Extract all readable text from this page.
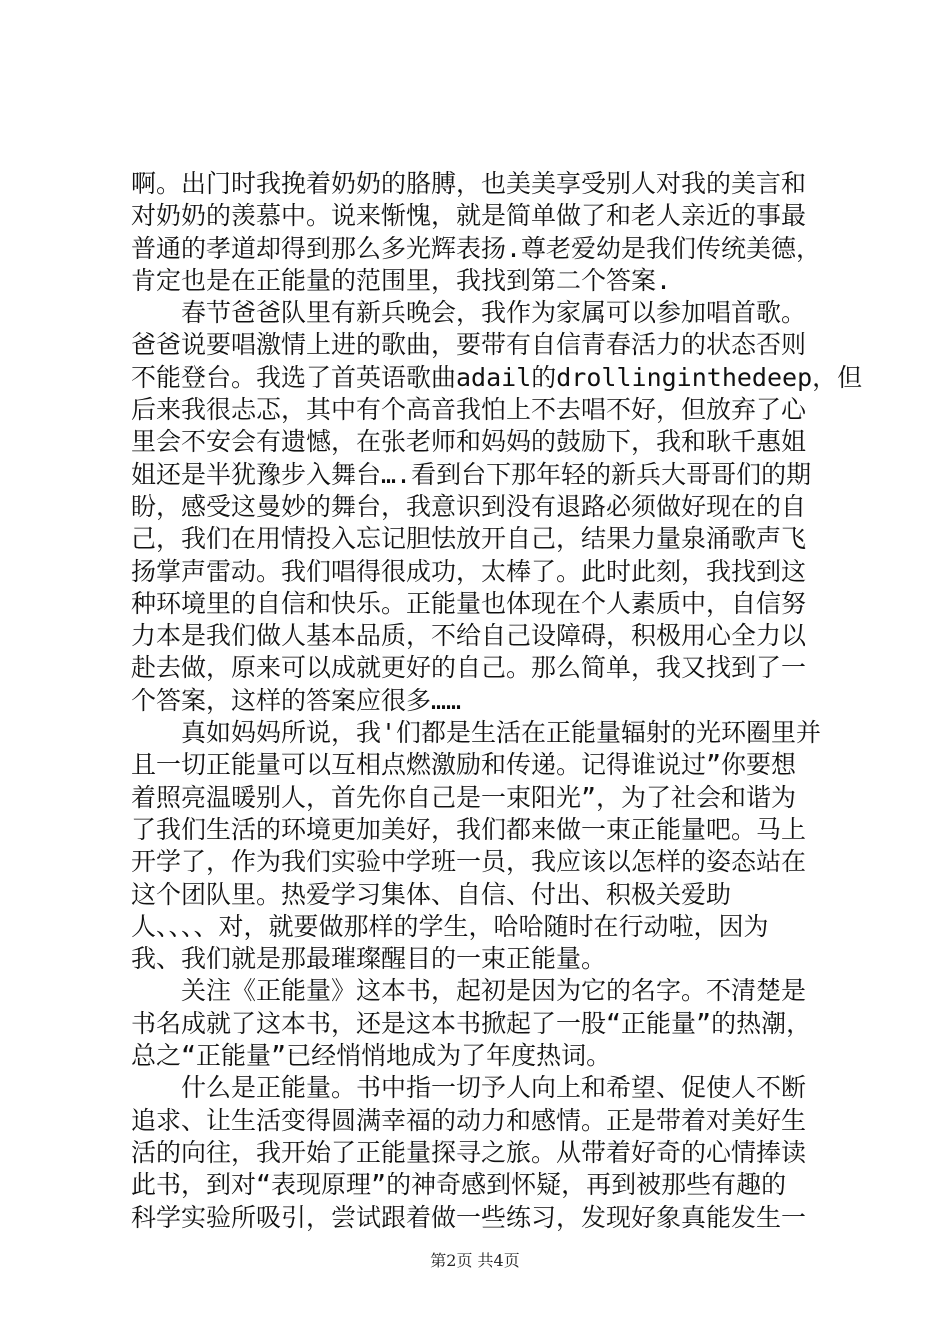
啊。出门时我挽着奶奶的胳膊，也美美享受别人对我的美言和
对奶奶的羡慕中。说来惭愧，就是简单做了和老人亲近的事最
普通的孝道却得到那么多光辉表扬.尊老爱幼是我们传统美德，
肯定也是在正能量的范围里，我找到第二个答案.
　　春节爸爸队里有新兵晚会，我作为家属可以参加唱首歌。
爸爸说要唱激情上进的歌曲，要带有自信青春活力的状态否则
不能登台。我选了首英语歌曲adail的drollinginthedeep，但
后来我很忐忑，其中有个高音我怕上不去唱不好，但放弃了心
里会不安会有遗憾，在张老师和妈妈的鼓励下，我和耿千惠姐
姐还是半犹豫步入舞台….看到台下那年轻的新兵大哥哥们的期
盼，感受这曼妙的舞台，我意识到没有退路必须做好现在的自
己，我们在用情投入忘记胆怯放开自己，结果力量泉涌歌声飞
扬掌声雷动。我们唱得很成功，太棒了。此时此刻，我找到这
种环境里的自信和快乐。正能量也体现在个人素质中，自信努
力本是我们做人基本品质，不给自己设障碍，积极用心全力以
赴去做，原来可以成就更好的自己。那么简单，我又找到了一
个答案，这样的答案应很多……
　　真如妈妈所说，我'们都是生活在正能量辐射的光环圈里并
且一切正能量可以互相点燃激励和传递。记得谁说过”你要想
着照亮温暖别人，首先你自己是一束阳光”，为了社会和谐为
了我们生活的环境更加美好，我们都来做一束正能量吧。马上
开学了，作为我们实验中学班一员，我应该以怎样的姿态站在
这个团队里。热爱学习集体、自信、付出、积极关爱助
人、、、、对，就要做那样的学生，哈哈随时在行动啦，因为
我、我们就是那最璀璨醒目的一束正能量。
　　关注《正能量》这本书，起初是因为它的名字。不清楚是
书名成就了这本书，还是这本书掀起了一股“正能量”的热潮，
总之“正能量”已经悄悄地成为了年度热词。
　　什么是正能量。书中指一切予人向上和希望、促使人不断
追求、让生活变得圆满幸福的动力和感情。正是带着对美好生
活的向往，我开始了正能量探寻之旅。从带着好奇的心情捧读
此书，到对“表现原理”的神奇感到怀疑，再到被那些有趣的
科学实验所吸引，尝试跟着做一些练习，发现好象真能发生一
第2页 共4页
